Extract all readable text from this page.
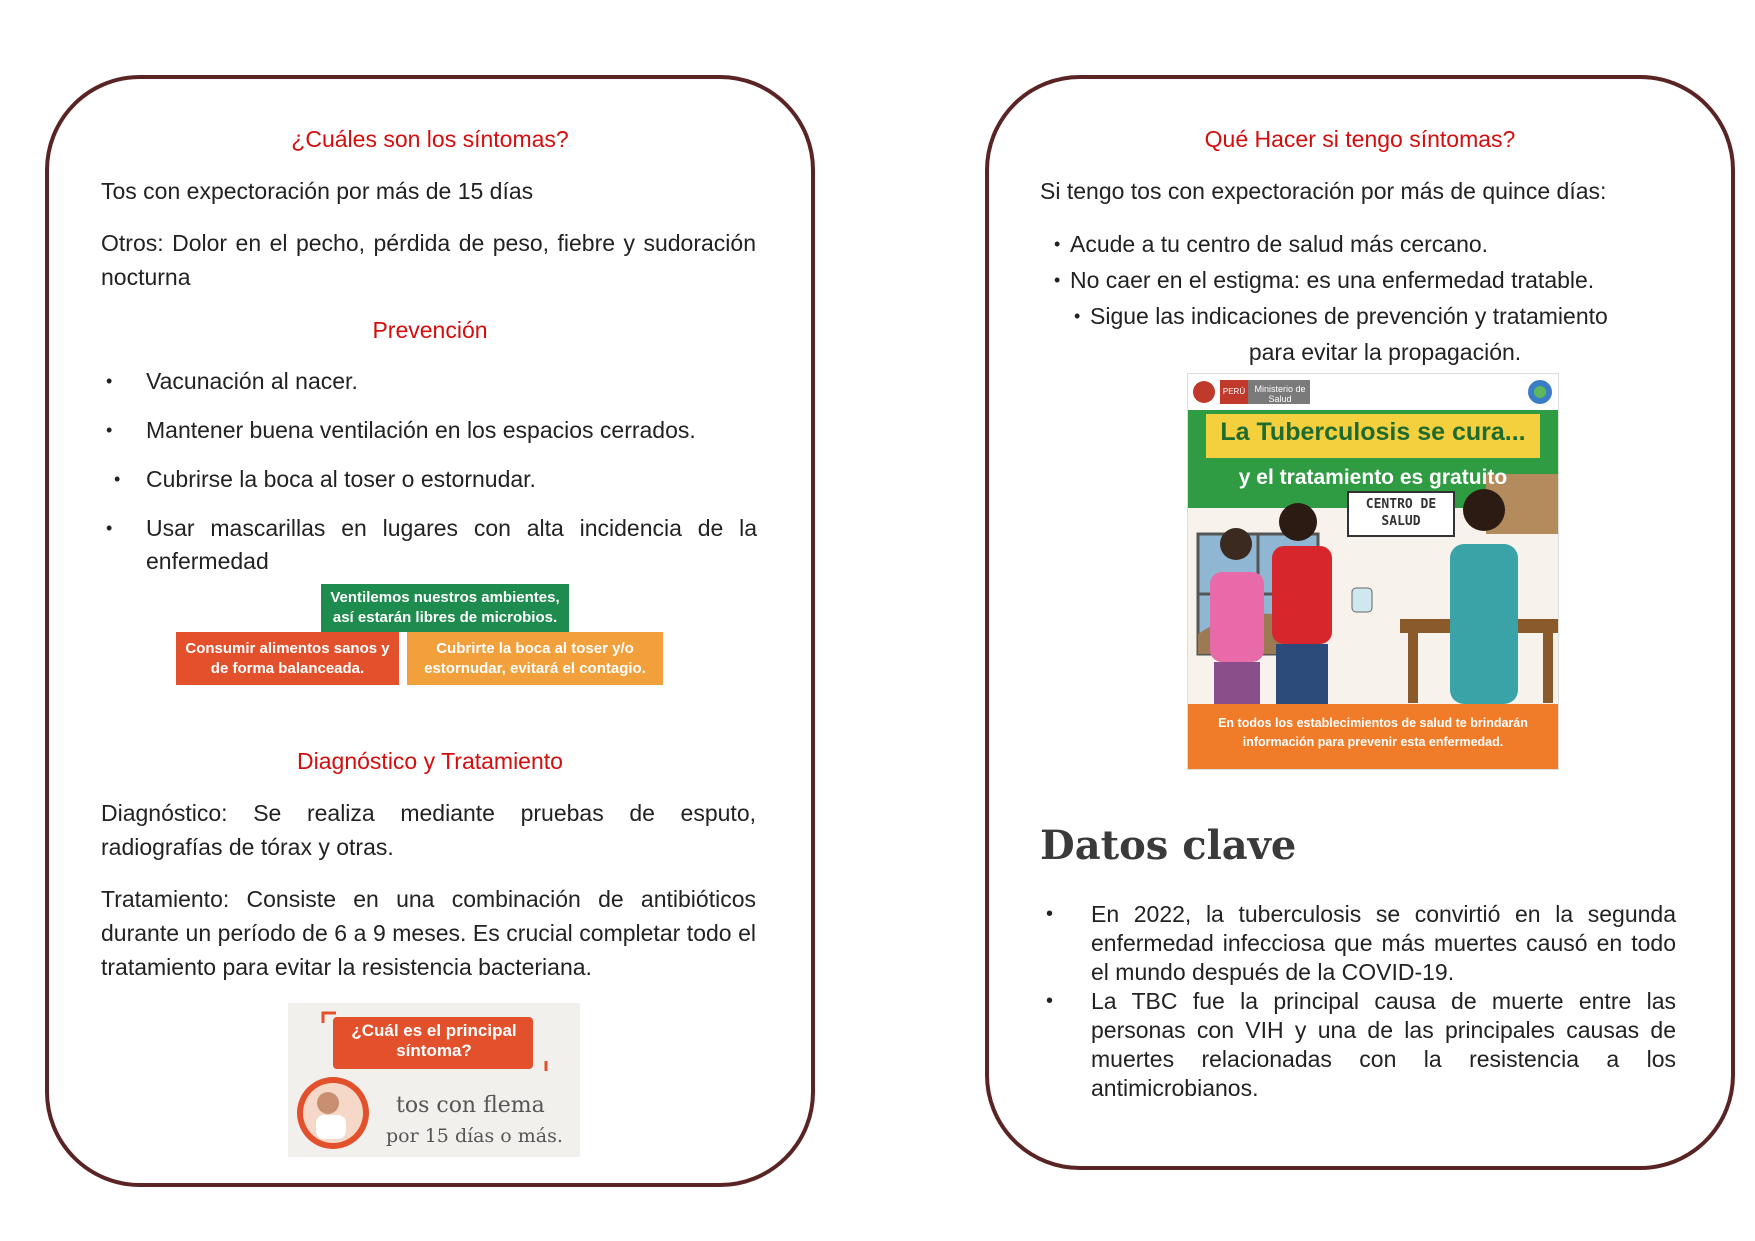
¿Cuáles son los síntomas?
Tos con expectoración por más de 15 días
Otros: Dolor en el pecho, pérdida de peso, fiebre y sudoración nocturna
Prevención
• Vacunación al nacer.
• Mantener buena ventilación en los espacios cerrados.
• Cubrirse la boca al toser o estornudar.
• Usar mascarillas en lugares con alta incidencia de la enfermedad
Ventilemos nuestros ambientes, así estarán libres de microbios.
Consumir alimentos sanos y de forma balanceada.
Cubrirte la boca al toser y/o estornudar, evitará el contagio.
Diagnóstico y Tratamiento
Diagnóstico: Se realiza mediante pruebas de esputo, radiografías de tórax y otras.
Tratamiento: Consiste en una combinación de antibióticos durante un período de 6 a 9 meses. Es crucial completar todo el tratamiento para evitar la resistencia bacteriana.
¿Cuál es el principal síntoma?
tos con flema
por 15 días o más.
Qué Hacer si tengo síntomas?
Si tengo tos con expectoración por más de quince días:
• Acude a tu centro de salud más cercano.
• No caer en el estigma: es una enfermedad tratable.
• Sigue las indicaciones de prevención y tratamiento
para evitar la propagación.
Ministerio de Salud
PERÚ
La Tuberculosis se cura...
y el tratamiento es gratuito
CENTRO DE SALUD
En todos los establecimientos de salud te brindarán información para prevenir esta enfermedad.
Datos clave
• En 2022, la tuberculosis se convirtió en la segunda enfermedad infecciosa que más muertes causó en todo el mundo después de la COVID-19.
• La TBC fue la principal causa de muerte entre las personas con VIH y una de las principales causas de muertes relacionadas con la resistencia a los antimicrobianos.
